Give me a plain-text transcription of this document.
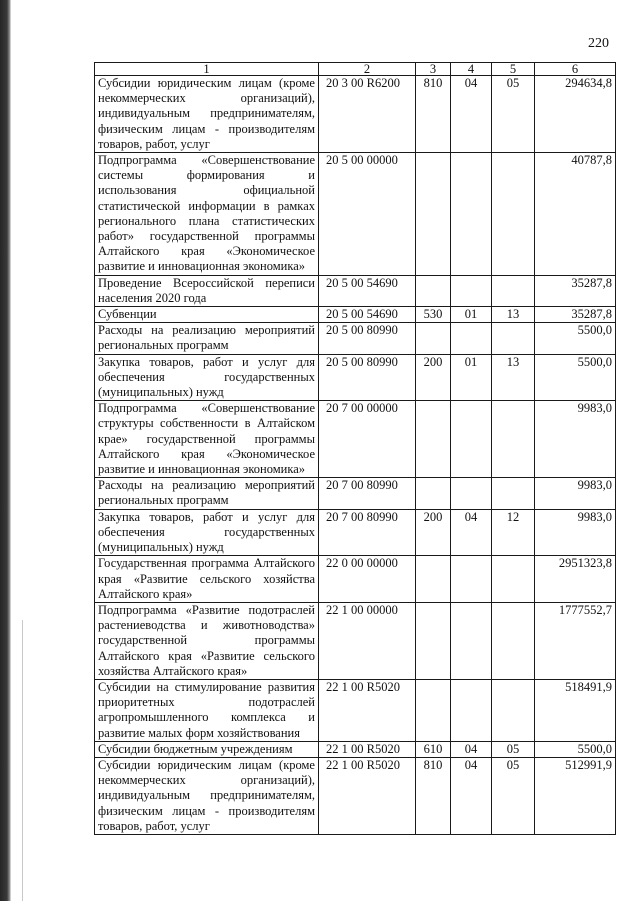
220
1	2	3	4	5	6
Субсидии юридическим лицам (кроме некоммерческих организаций), индивидуальным предпринимателям, физическим лицам - производителям товаров, работ, услуг	20 3 00 R6200	810	04	05	294634,8
Подпрограмма «Совершенствование системы формирования и использования официальной статистической информации в рамках регионального плана статистических работ» государственной программы Алтайского края «Экономическое развитие и инновационная экономика»	20 5 00 00000				40787,8
Проведение Всероссийской переписи населения 2020 года	20 5 00 54690				35287,8
Субвенции	20 5 00 54690	530	01	13	35287,8
Расходы на реализацию мероприятий региональных программ	20 5 00 80990				5500,0
Закупка товаров, работ и услуг для обеспечения государственных (муниципальных) нужд	20 5 00 80990	200	01	13	5500,0
Подпрограмма «Совершенствование структуры собственности в Алтайском крае» государственной программы Алтайского края «Экономическое развитие и инновационная экономика»	20 7 00 00000				9983,0
Расходы на реализацию мероприятий региональных программ	20 7 00 80990				9983,0
Закупка товаров, работ и услуг для обеспечения государственных (муниципальных) нужд	20 7 00 80990	200	04	12	9983,0
Государственная программа Алтайского края «Развитие сельского хозяйства Алтайского края»	22 0 00 00000				2951323,8
Подпрограмма «Развитие подотраслей растениеводства и животноводства» государственной программы Алтайского края «Развитие сельского хозяйства Алтайского края»	22 1 00 00000				1777552,7
Субсидии на стимулирование развития приоритетных подотраслей агропромышленного комплекса и развитие малых форм хозяйствования	22 1 00 R5020				518491,9
Субсидии бюджетным учреждениям	22 1 00 R5020	610	04	05	5500,0
Субсидии юридическим лицам (кроме некоммерческих организаций), индивидуальным предпринимателям, физическим лицам - производителям товаров, работ, услуг	22 1 00 R5020	810	04	05	512991,9
